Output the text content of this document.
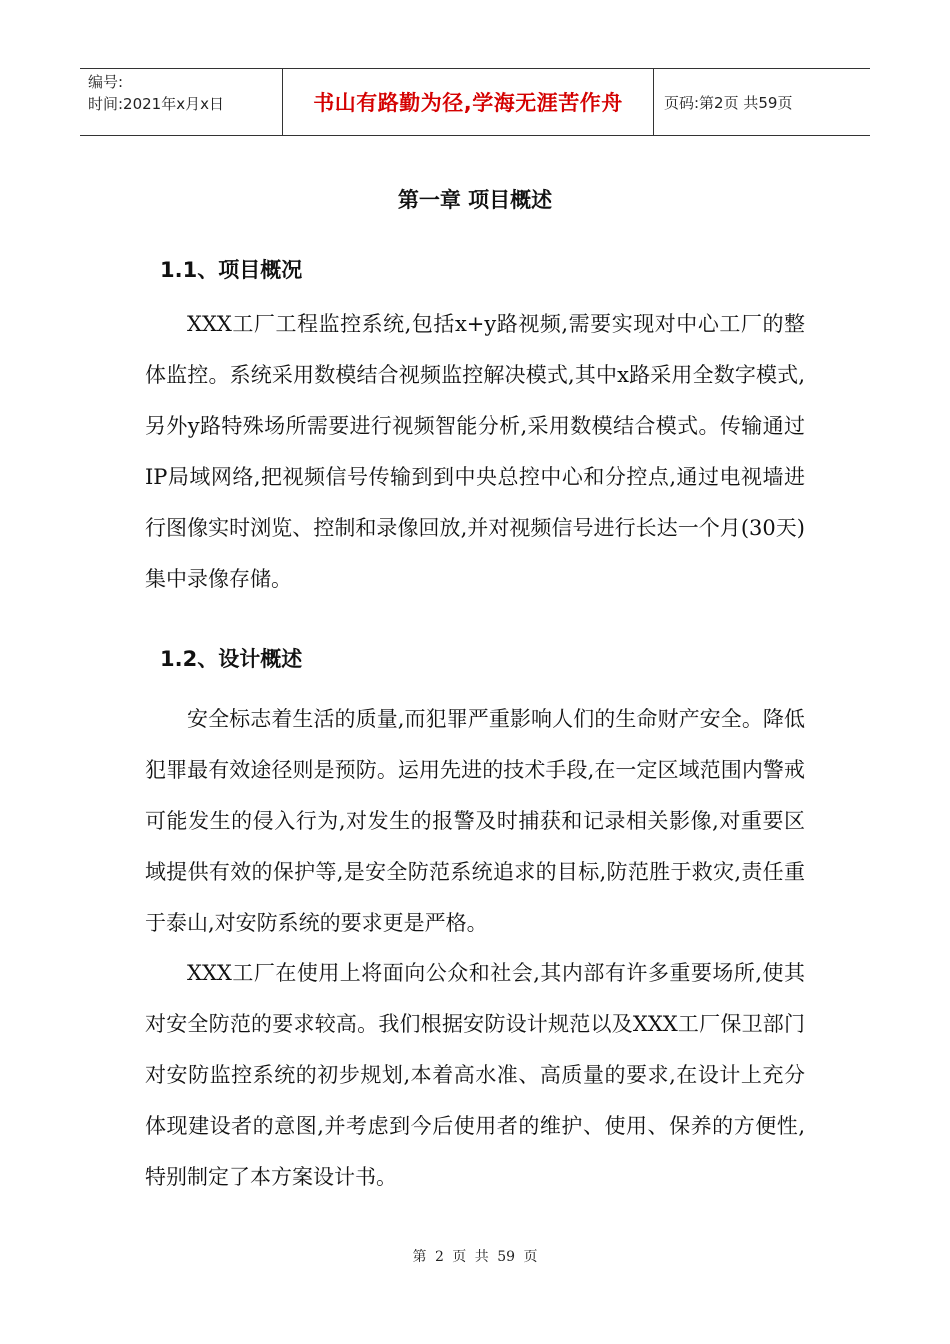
编号:
时间:2021年x月x日	书山有路勤为径,学海无涯苦作舟	页码:第2页 共59页
第一章 项目概述
1.1、项目概况

XXX工厂工程监控系统,包括x+y路视频,需要实现对中心工厂的整体监控。系统采用数模结合视频监控解决模式,其中x路采用全数字模式,另外y路特殊场所需要进行视频智能分析,采用数模结合模式。传输通过IP局域网络,把视频信号传输到到中央总控中心和分控点,通过电视墙进行图像实时浏览、控制和录像回放,并对视频信号进行长达一个月(30天)集中录像存储。

1.2、设计概述

安全标志着生活的质量,而犯罪严重影响人们的生命财产安全。降低犯罪最有效途径则是预防。运用先进的技术手段,在一定区域范围内警戒可能发生的侵入行为,对发生的报警及时捕获和记录相关影像,对重要区域提供有效的保护等,是安全防范系统追求的目标,防范胜于救灾,责任重于泰山,对安防系统的要求更是严格。

XXX工厂在使用上将面向公众和社会,其内部有许多重要场所,使其对安全防范的要求较高。我们根据安防设计规范以及XXX工厂保卫部门对安防监控系统的初步规划,本着高水准、高质量的要求,在设计上充分体现建设者的意图,并考虑到今后使用者的维护、使用、保养的方便性,特别制定了本方案设计书。

第 2 页 共 59 页
